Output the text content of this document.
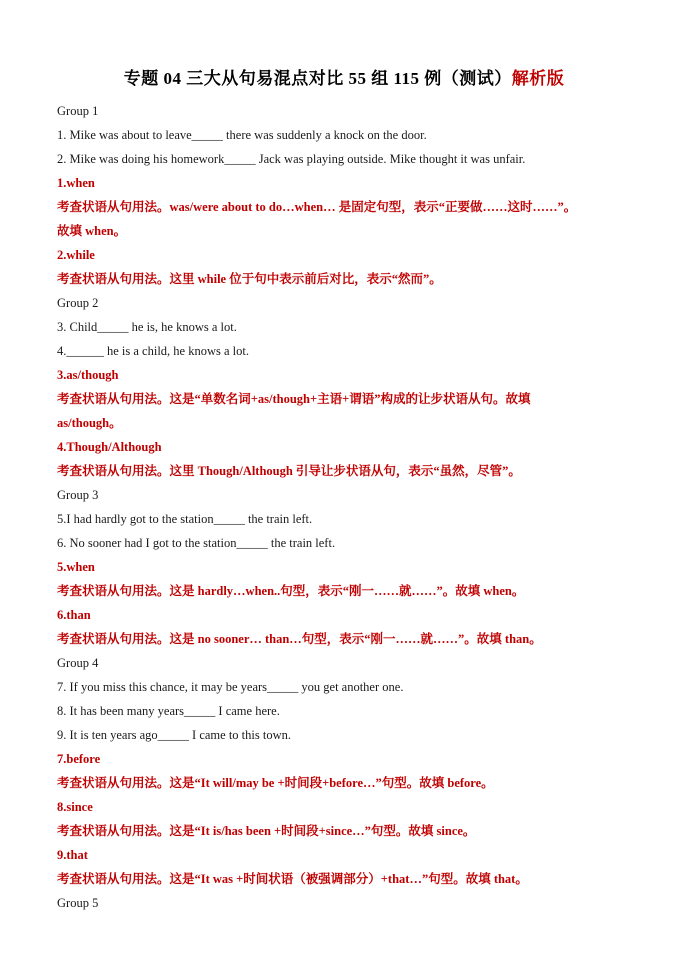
专题 04 三大从句易混点对比 55 组 115 例（测试）解析版
Group 1
1. Mike was about to leave_____ there was suddenly a knock on the door.
2. Mike was doing his homework_____ Jack was playing outside. Mike thought it was unfair.
1.when
考查状语从句用法。was/were about to do…when… 是固定句型，表示“正要做……这时……”。
故填 when。
2.while
考查状语从句用法。这里 while 位于句中表示前后对比，表示“然而”。
Group 2
3. Child_____ he is, he knows a lot.
4.______ he is a child, he knows a lot.
3.as/though
考查状语从句用法。这是“单数名词+as/though+主语+谓语”构成的让步状语从句。故填
as/though。
4.Though/Although
考查状语从句用法。这里 Though/Although 引导让步状语从句，表示“虽然，尽管”。
Group 3
5.I had hardly got to the station_____ the train left.
6. No sooner had I got to the station_____ the train left.
5.when
考查状语从句用法。这是 hardly…when..句型，表示“刚一……就……”。故填 when。
6.than
考查状语从句用法。这是 no sooner… than…句型，表示“刚一……就……”。故填 than。
Group 4
7. If you miss this chance, it may be years_____ you get another one.
8. It has been many years_____ I came here.
9. It is ten years ago_____ I came to this town.
7.before
考查状语从句用法。这是“It will/may be +时间段+before…”句型。故填 before。
8.since
考查状语从句用法。这是“It is/has been +时间段+since…”句型。故填 since。
9.that
考查状语从句用法。这是“It was +时间状语（被强调部分）+that…”句型。故填 that。
Group 5
